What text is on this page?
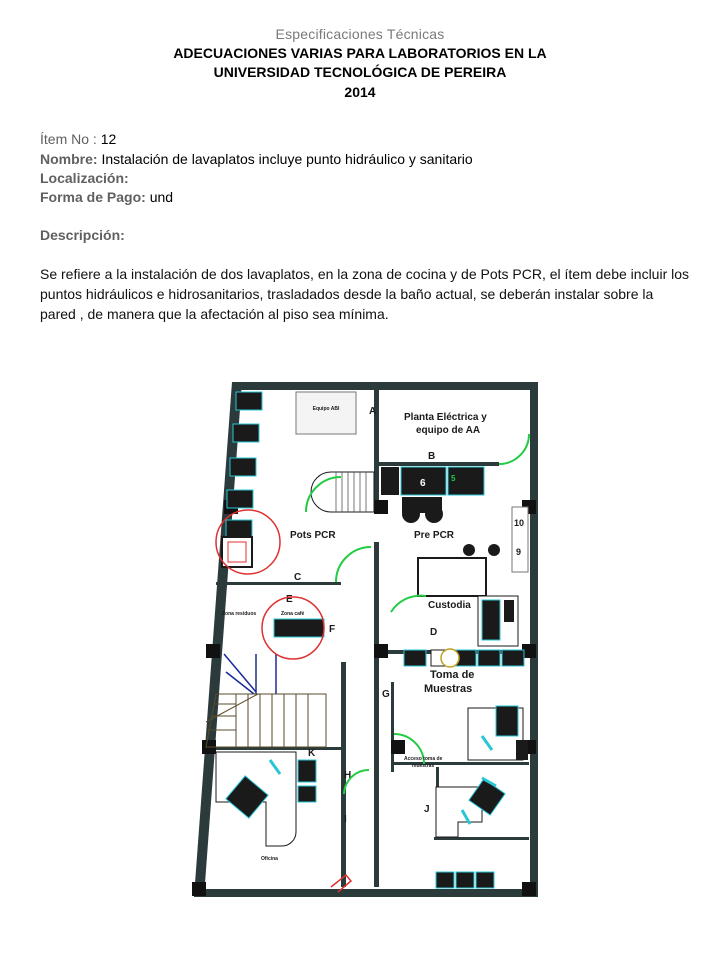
Especificaciones Técnicas
ADECUACIONES VARIAS PARA LABORATORIOS EN LA
UNIVERSIDAD TECNOLÓGICA DE PEREIRA
2014
Ítem No : 12
Nombre: Instalación de lavaplatos incluye punto hidráulico y sanitario
Localización:
Forma de Pago: und
Descripción:
Se refiere a la instalación de dos lavaplatos, en la zona de cocina y de Pots PCR, el ítem debe incluir los puntos hidráulicos e hidrosanitarios, trasladados desde la baño actual, se deberán instalar sobre la pared , de manera que la afectación al piso sea mínima.
Equipo ABI	A
Planta Eléctrica y
equipo de AA
B
6	5
Pots PCR	Pre PCR
10
9
C
Custodia
D
E
Zona residuos	Zona café
F
Toma de
Muestras
G
Acceso toma de
muestras
K
Oficina
H
I
J
